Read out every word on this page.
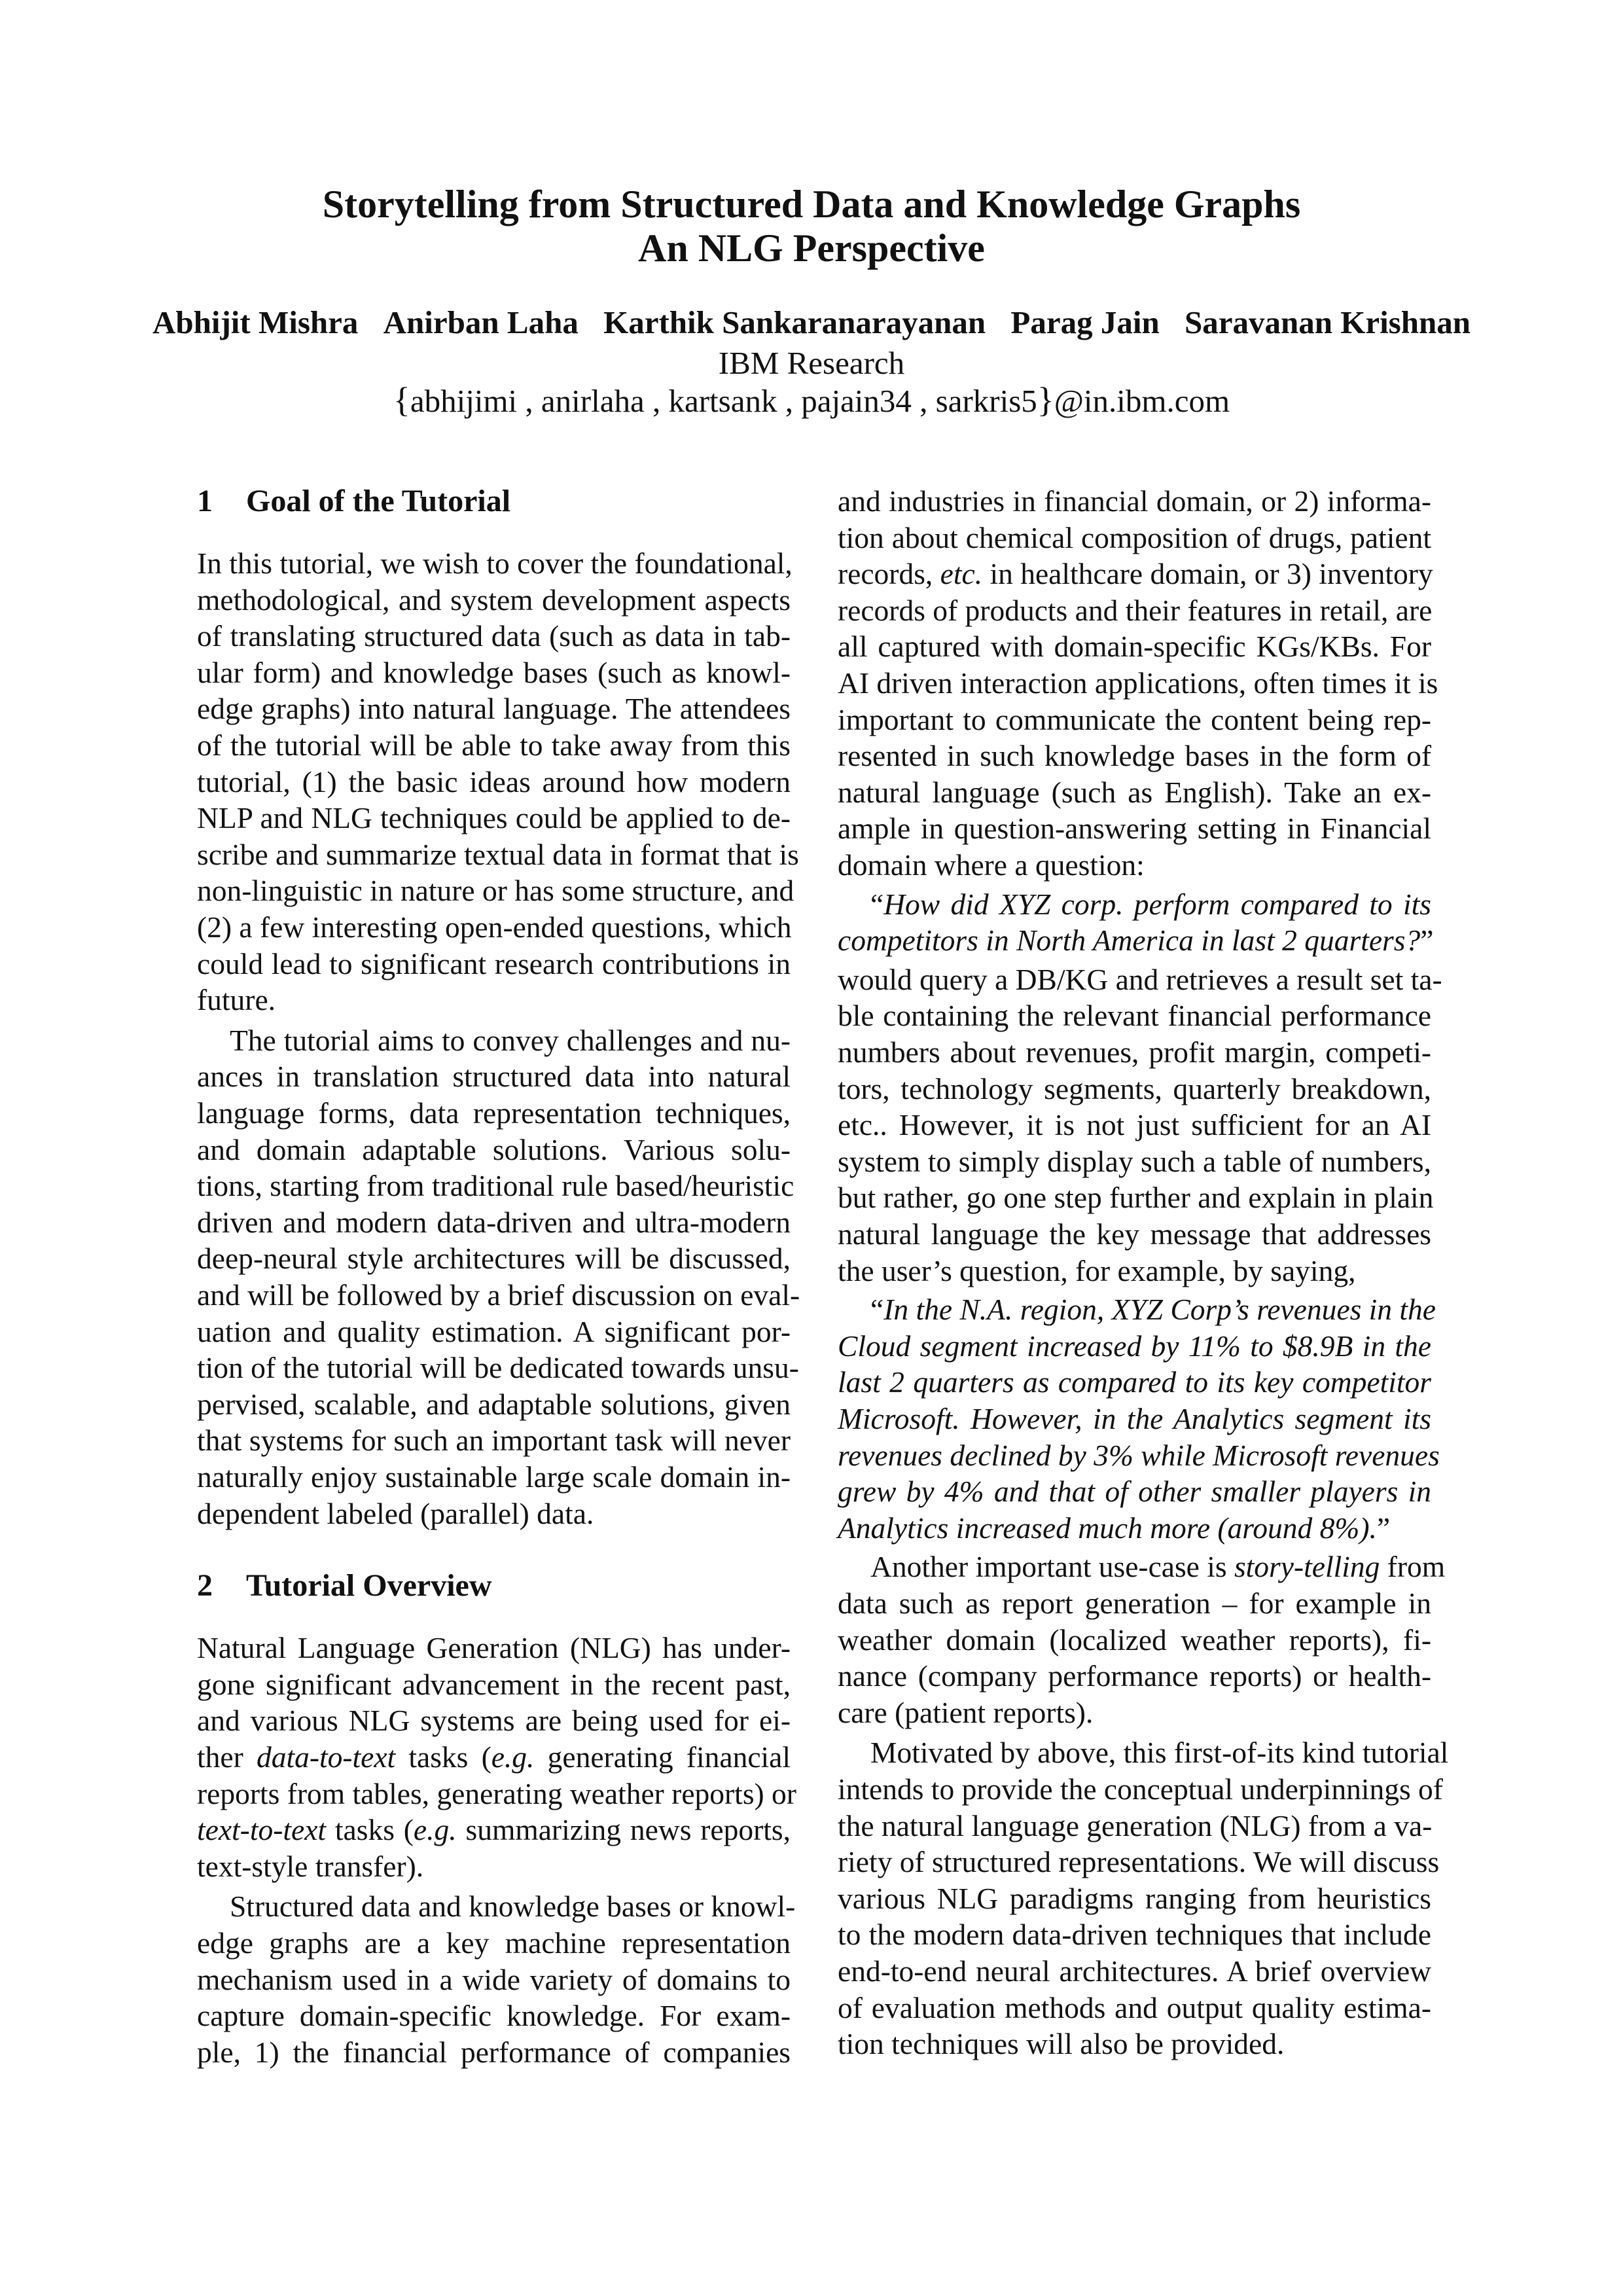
Storytelling from Structured Data and Knowledge Graphs
An NLG Perspective
Abhijit Mishra Anirban Laha Karthik Sankaranarayanan Parag Jain Saravanan Krishnan
IBM Research
{abhijimi , anirlaha , kartsank , pajain34 , sarkris5}@in.ibm.com
1 Goal of the Tutorial
In this tutorial, we wish to cover the foundational,
methodological, and system development aspects
of translating structured data (such as data in tab-
ular form) and knowledge bases (such as knowl-
edge graphs) into natural language. The attendees
of the tutorial will be able to take away from this
tutorial, (1) the basic ideas around how modern
NLP and NLG techniques could be applied to de-
scribe and summarize textual data in format that is
non-linguistic in nature or has some structure, and
(2) a few interesting open-ended questions, which
could lead to significant research contributions in
future.
The tutorial aims to convey challenges and nu-
ances in translation structured data into natural
language forms, data representation techniques,
and domain adaptable solutions. Various solu-
tions, starting from traditional rule based/heuristic
driven and modern data-driven and ultra-modern
deep-neural style architectures will be discussed,
and will be followed by a brief discussion on eval-
uation and quality estimation. A significant por-
tion of the tutorial will be dedicated towards unsu-
pervised, scalable, and adaptable solutions, given
that systems for such an important task will never
naturally enjoy sustainable large scale domain in-
dependent labeled (parallel) data.
2 Tutorial Overview
Natural Language Generation (NLG) has under-
gone significant advancement in the recent past,
and various NLG systems are being used for ei-
ther data-to-text tasks (e.g. generating financial
reports from tables, generating weather reports) or
text-to-text tasks (e.g. summarizing news reports,
text-style transfer).
Structured data and knowledge bases or knowl-
edge graphs are a key machine representation
mechanism used in a wide variety of domains to
capture domain-specific knowledge. For exam-
ple, 1) the financial performance of companies
and industries in financial domain, or 2) informa-
tion about chemical composition of drugs, patient
records, etc. in healthcare domain, or 3) inventory
records of products and their features in retail, are
all captured with domain-specific KGs/KBs. For
AI driven interaction applications, often times it is
important to communicate the content being rep-
resented in such knowledge bases in the form of
natural language (such as English). Take an ex-
ample in question-answering setting in Financial
domain where a question:
“How did XYZ corp. perform compared to its
competitors in North America in last 2 quarters?”
would query a DB/KG and retrieves a result set ta-
ble containing the relevant financial performance
numbers about revenues, profit margin, competi-
tors, technology segments, quarterly breakdown,
etc.. However, it is not just sufficient for an AI
system to simply display such a table of numbers,
but rather, go one step further and explain in plain
natural language the key message that addresses
the user’s question, for example, by saying,
“In the N.A. region, XYZ Corp’s revenues in the
Cloud segment increased by 11% to $8.9B in the
last 2 quarters as compared to its key competitor
Microsoft. However, in the Analytics segment its
revenues declined by 3% while Microsoft revenues
grew by 4% and that of other smaller players in
Analytics increased much more (around 8%).”
Another important use-case is story-telling from
data such as report generation – for example in
weather domain (localized weather reports), fi-
nance (company performance reports) or health-
care (patient reports).
Motivated by above, this first-of-its kind tutorial
intends to provide the conceptual underpinnings of
the natural language generation (NLG) from a va-
riety of structured representations. We will discuss
various NLG paradigms ranging from heuristics
to the modern data-driven techniques that include
end-to-end neural architectures. A brief overview
of evaluation methods and output quality estima-
tion techniques will also be provided.
